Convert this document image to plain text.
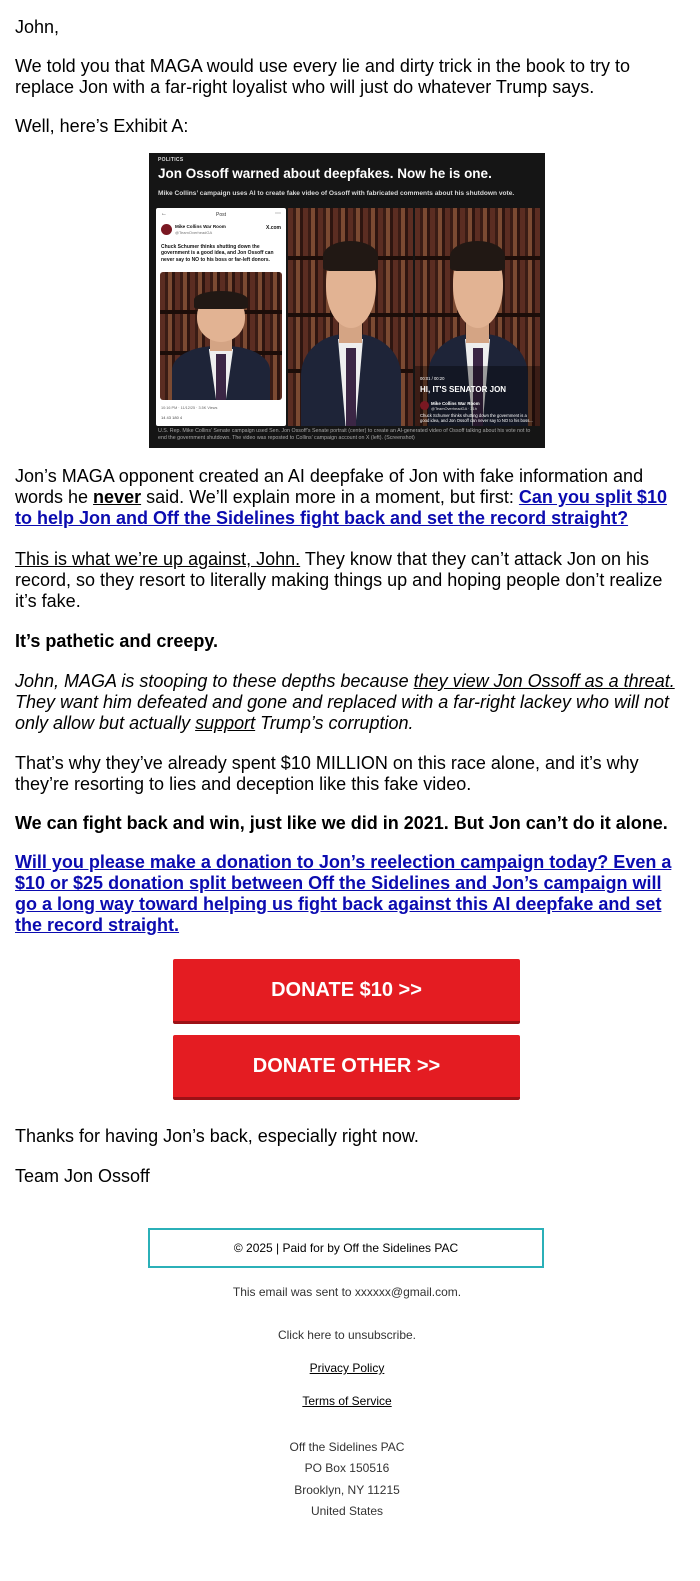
John,

We told you that MAGA would use every lie and dirty trick in the book to try to replace Jon with a far-right loyalist who will just do whatever Trump says.

Well, here’s Exhibit A:

Jon’s MAGA opponent created an AI deepfake of Jon with fake information and words he never said. We’ll explain more in a moment, but first: Can you split $10 to help Jon and Off the Sidelines fight back and set the record straight?

This is what we’re up against, John. They know that they can’t attack Jon on his record, so they resort to literally making things up and hoping people don’t realize it’s fake.

It’s pathetic and creepy.

John, MAGA is stooping to these depths because they view Jon Ossoff as a threat. They want him defeated and gone and replaced with a far-right lackey who will not only allow but actually support Trump’s corruption.

That’s why they’ve already spent $10 MILLION on this race alone, and it’s why they’re resorting to lies and deception like this fake video.

We can fight back and win, just like we did in 2021. But Jon can’t do it alone.

Will you please make a donation to Jon’s reelection campaign today? Even a $10 or $25 donation split between Off the Sidelines and Jon’s campaign will go a long way toward helping us fight back against this AI deepfake and set the record straight.

Thanks for having Jon’s back, especially right now.

Team Jon Ossoff

POLITICS
Jon Ossoff warned about deepfakes. Now he is one.
Mike Collins’ campaign uses AI to create fake video of Ossoff with fabricated comments about his shutdown vote.
←	Post	⋯
Mike Collins War Room
@TeamOverheadGA
X.com
Chuck Schumer thinks shutting down the government is a good idea, and Jon Ossoff can never say to NO to his boss or far-left donors.
10:16 PM · 11/12/25 · 3.5K Views
14 43 180 4
00:01 / 00:20
HI, IT'S SENATOR JON
Mike Collins War Room
@TeamOverheadGA · 21h
Chuck Schumer thinks shutting down the government is a good idea, and Jon Ossoff can never say to NO to his boss...
U.S. Rep. Mike Collins’ Senate campaign used Sen. Jon Ossoff’s Senate portrait (center) to create an AI-generated video of Ossoff talking about his vote not to end the government shutdown. The video was reposted to Collins’ campaign account on X (left). (Screenshot)
DONATE $10 >>
DONATE OTHER >>
© 2025 | Paid for by Off the Sidelines PAC
This email was sent to xxxxxx@gmail.com.
Click here to unsubscribe.
Privacy Policy
Terms of Service
Off the Sidelines PAC
PO Box 150516
Brooklyn, NY 11215
United States
